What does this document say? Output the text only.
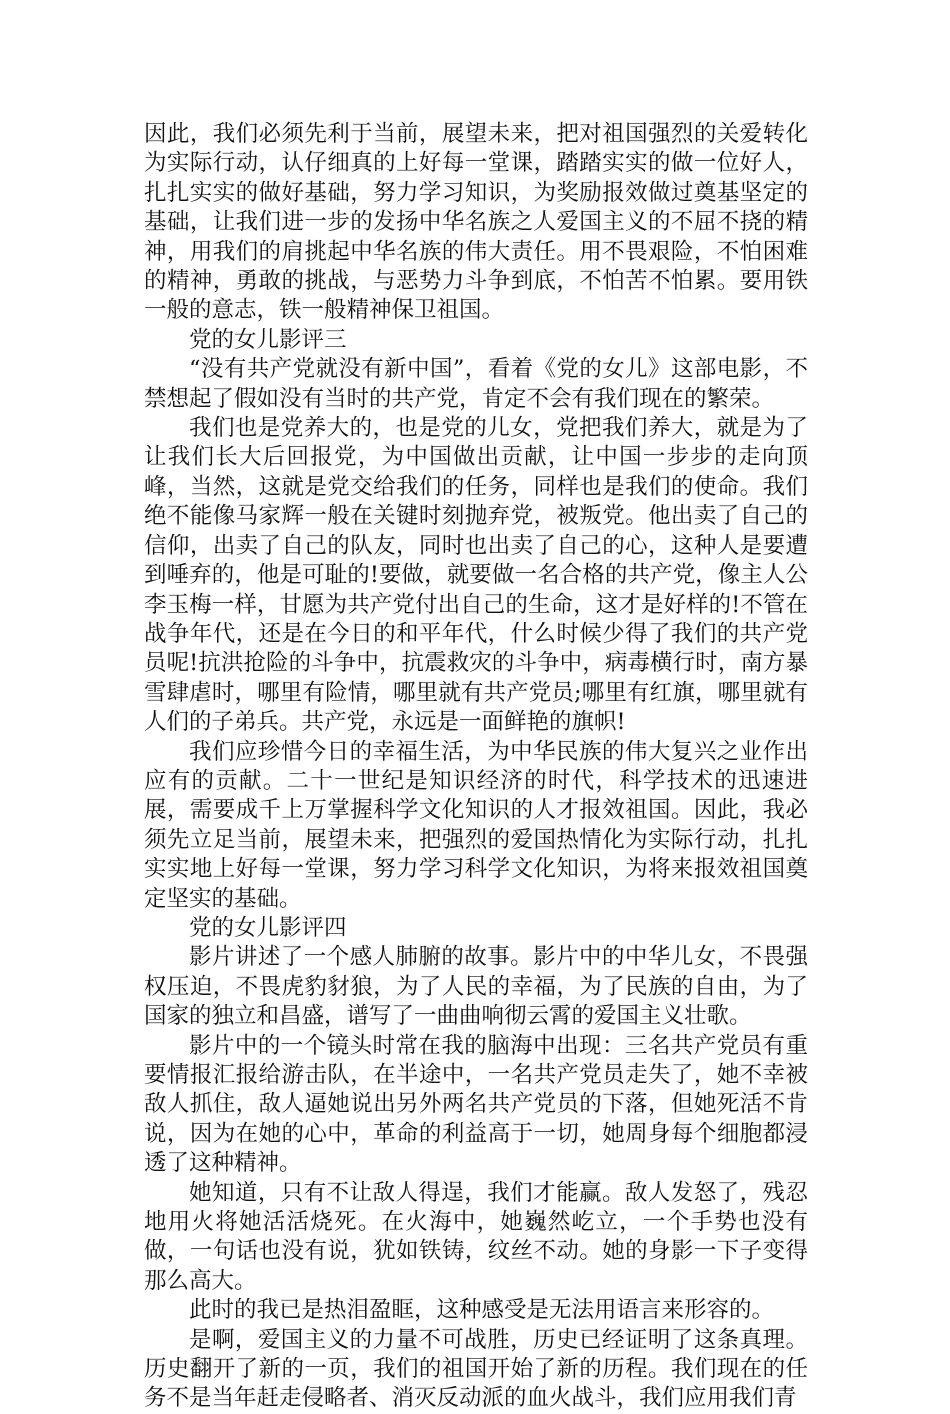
因此，我们必须先利于当前，展望未来，把对祖国强烈的关爱转化为实际行动，认仔细真的上好每一堂课，踏踏实实的做一位好人，扎扎实实的做好基础，努力学习知识，为奖励报效做过奠基坚定的基础，让我们进一步的发扬中华名族之人爱国主义的不屈不挠的精神，用我们的肩挑起中华名族的伟大责任。用不畏艰险，不怕困难的精神，勇敢的挑战，与恶势力斗争到底，不怕苦不怕累。要用铁一般的意志，铁一般精神保卫祖国。

党的女儿影评三

“没有共产党就没有新中国”，看着《党的女儿》这部电影，不禁想起了假如没有当时的共产党，肯定不会有我们现在的繁荣。

我们也是党养大的，也是党的儿女，党把我们养大，就是为了让我们长大后回报党，为中国做出贡献，让中国一步步的走向顶峰，当然，这就是党交给我们的任务，同样也是我们的使命。我们绝不能像马家辉一般在关键时刻抛弃党，被叛党。他出卖了自己的信仰，出卖了自己的队友，同时也出卖了自己的心，这种人是要遭到唾弃的，他是可耻的!要做，就要做一名合格的共产党，像主人公李玉梅一样，甘愿为共产党付出自己的生命，这才是好样的!不管在战争年代，还是在今日的和平年代，什么时候少得了我们的共产党员呢!抗洪抢险的斗争中，抗震救灾的斗争中，病毒横行时，南方暴雪肆虐时，哪里有险情，哪里就有共产党员;哪里有红旗，哪里就有人们的子弟兵。共产党，永远是一面鲜艳的旗帜!

我们应珍惜今日的幸福生活，为中华民族的伟大复兴之业作出应有的贡献。二十一世纪是知识经济的时代，科学技术的迅速进展，需要成千上万掌握科学文化知识的人才报效祖国。因此，我必须先立足当前，展望未来，把强烈的爱国热情化为实际行动，扎扎实实地上好每一堂课，努力学习科学文化知识，为将来报效祖国奠定坚实的基础。

党的女儿影评四

影片讲述了一个感人肺腑的故事。影片中的中华儿女，不畏强权压迫，不畏虎豹豺狼，为了人民的幸福，为了民族的自由，为了国家的独立和昌盛，谱写了一曲曲响彻云霄的爱国主义壮歌。

影片中的一个镜头时常在我的脑海中出现：三名共产党员有重要情报汇报给游击队，在半途中，一名共产党员走失了，她不幸被敌人抓住，敌人逼她说出另外两名共产党员的下落，但她死活不肯说，因为在她的心中，革命的利益高于一切，她周身每个细胞都浸透了这种精神。

她知道，只有不让敌人得逞，我们才能赢。敌人发怒了，残忍地用火将她活活烧死。在火海中，她巍然屹立，一个手势也没有做，一句话也没有说，犹如铁铸，纹丝不动。她的身影一下子变得那么高大。

此时的我已是热泪盈眶，这种感受是无法用语言来形容的。

是啊，爱国主义的力量不可战胜，历史已经证明了这条真理。历史翻开了新的一页，我们的祖国开始了新的历程。我们现在的任务不是当年赶走侵略者、消灭反动派的血火战斗，我们应用我们青
